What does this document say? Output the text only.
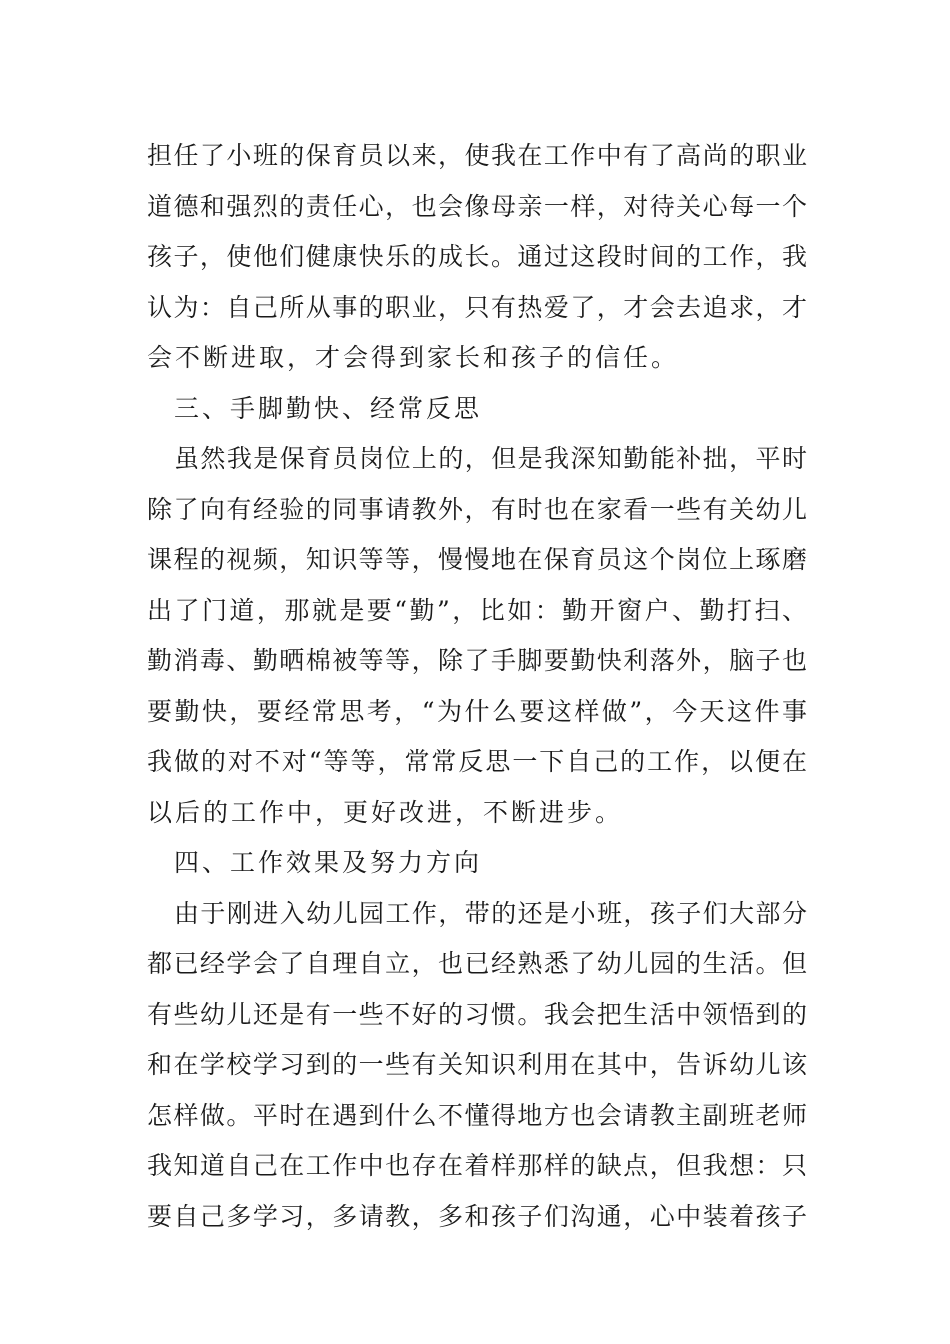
担任了小班的保育员以来，使我在工作中有了高尚的职业
道德和强烈的责任心，也会像母亲一样，对待关心每一个
孩子，使他们健康快乐的成长。通过这段时间的工作，我
认为：自己所从事的职业，只有热爱了，才会去追求，才
会不断进取，才会得到家长和孩子的信任。
三、手脚勤快、经常反思
虽然我是保育员岗位上的，但是我深知勤能补拙，平时
除了向有经验的同事请教外，有时也在家看一些有关幼儿
课程的视频，知识等等，慢慢地在保育员这个岗位上琢磨
出了门道，那就是要“勤”，比如：勤开窗户、勤打扫、
勤消毒、勤晒棉被等等，除了手脚要勤快利落外，脑子也
要勤快，要经常思考，“为什么要这样做”，今天这件事
我做的对不对“等等，常常反思一下自己的工作，以便在
以后的工作中，更好改进，不断进步。
四、工作效果及努力方向
由于刚进入幼儿园工作，带的还是小班，孩子们大部分
都已经学会了自理自立，也已经熟悉了幼儿园的生活。但
有些幼儿还是有一些不好的习惯。我会把生活中领悟到的
和在学校学习到的一些有关知识利用在其中，告诉幼儿该
怎样做。平时在遇到什么不懂得地方也会请教主副班老师
我知道自己在工作中也存在着样那样的缺点，但我想：只
要自己多学习，多请教，多和孩子们沟通，心中装着孩子
